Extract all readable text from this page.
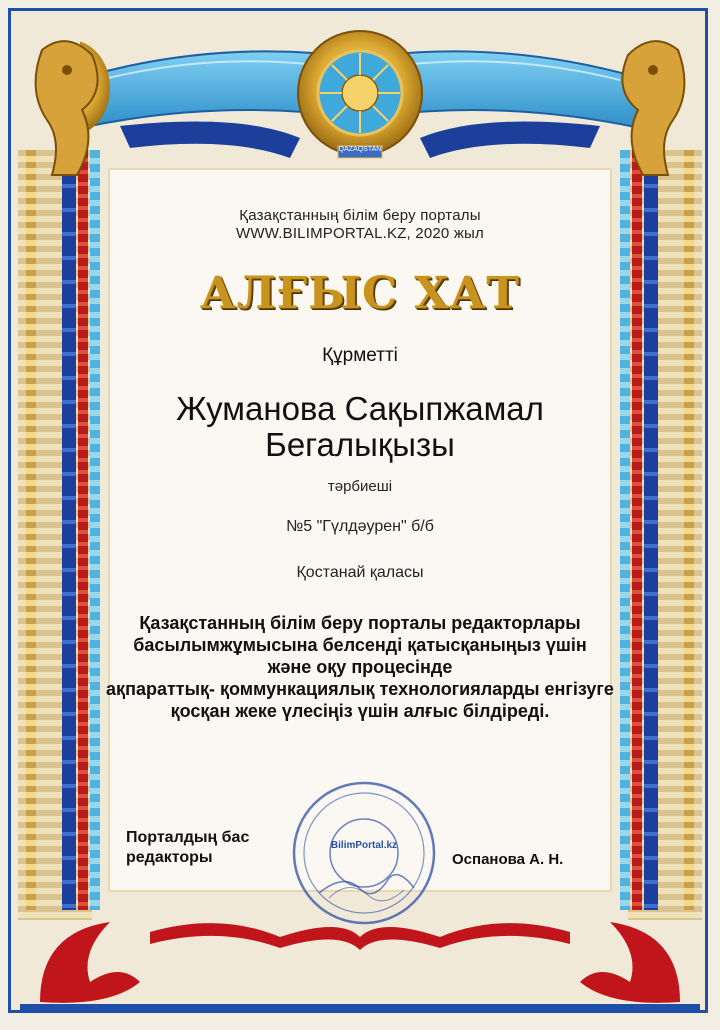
QAZAQSTAN
Қазақстанның білім беру порталы
WWW.BILIMPORTAL.KZ, 2020 жыл
АЛҒЫС ХАТ
Құрметті
Жуманова Сақыпжамал
Бегалықызы
тәрбиеші
№5 "Гүлдәурен" б/б
Қостанай қаласы
Қазақстанның білім беру порталы редакторлары
басылымжұмысына белсенді қатысқаныңыз үшін
және оқу процесінде
ақпараттық- қоммункациялық технологияларды енгізуге
қосқан жеке үлесіңіз үшін алғыс білдіреді.
BilimPortal.kz
Порталдың бас
редакторы	Оспанова А. Н.
